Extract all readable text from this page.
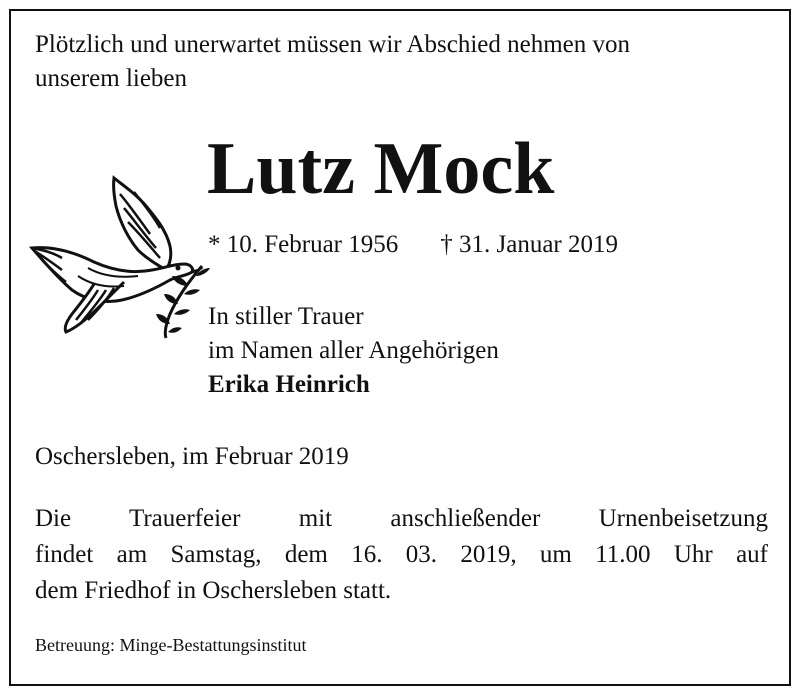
Plötzlich und unerwartet müssen wir Abschied nehmen von
unserem lieben

Lutz Mock
* 10. Februar 1956 † 31. Januar 2019
In stiller Trauer
im Namen aller Angehörigen
Erika Heinrich

Oschersleben, im Februar 2019

Die Trauerfeier mit anschließender Urnenbeisetzung
findet am Samstag, dem 16. 03. 2019, um 11.00 Uhr auf
dem Friedhof in Oschersleben statt.

Betreuung: Minge-Bestattungsinstitut
